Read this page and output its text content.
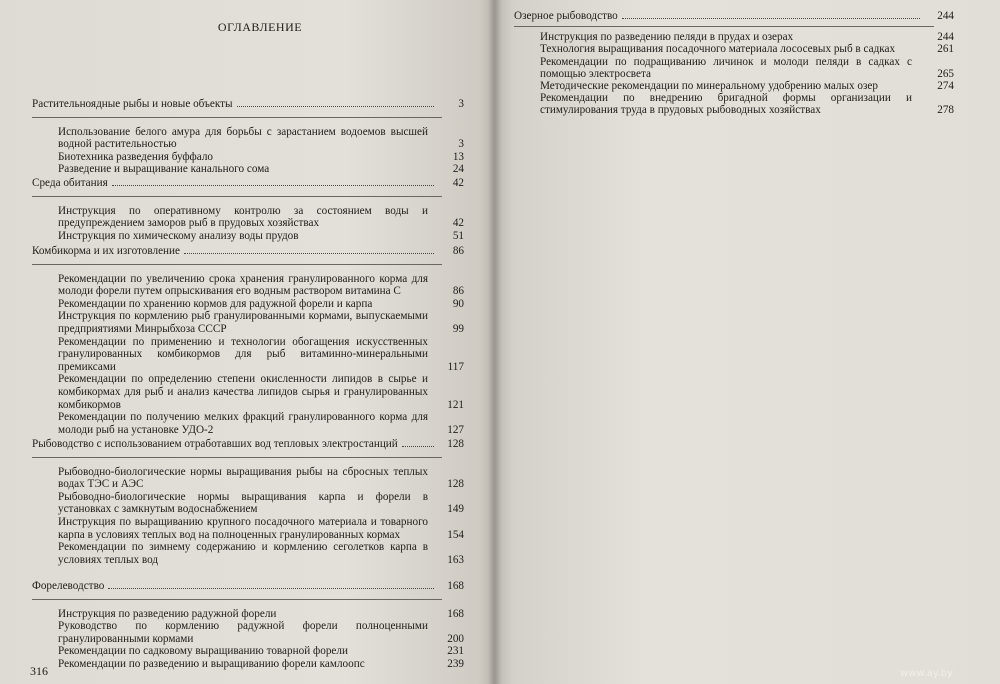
ОГЛАВЛЕНИЕ
Растительноядные рыбы и новые объекты	3
Использование белого амура для борьбы с зарастанием водоемов высшей водной растительностью	3
Биотехника разведения буффало	13
Разведение и выращивание канального сома	24
Среда обитания	42
Инструкция по оперативному контролю за состоянием воды и предупреждением заморов рыб в прудовых хозяйствах	42
Инструкция по химическому анализу воды прудов	51
Комбикорма и их изготовление	86
Рекомендации по увеличению срока хранения гранулированного корма для молоди форели путем опрыскивания его водным раствором витамина С	86
Рекомендации по хранению кормов для радужной форели и карпа	90
Инструкция по кормлению рыб гранулированными кормами, выпускаемыми предприятиями Минрыбхоза СССР	99
Рекомендации по применению и технологии обогащения искусственных гранулированных комбикормов для рыб витаминно-минеральными премиксами	117
Рекомендации по определению степени окисленности липидов в сырье и комбикормах для рыб и анализ качества липидов сырья и гранулированных комбикормов	121
Рекомендации по получению мелких фракций гранулированного корма для молоди рыб на установке УДО-2	127
Рыбоводство с использованием отработавших вод тепловых электростанций	128
Рыбоводно-биологические нормы выращивания рыбы на сбросных теплых водах ТЭС и АЭС	128
Рыбоводно-биологические нормы выращивания карпа и форели в установках с замкнутым водоснабжением	149
Инструкция по выращиванию крупного посадочного материала и товарного карпа в условиях теплых вод на полноценных гранулированных кормах	154
Рекомендации по зимнему содержанию и кормлению сеголетков карпа в условиях теплых вод	163
Форелеводство	168
Инструкция по разведению радужной форели	168
Руководство по кормлению радужной форели полноценными гранулированными кормами	200
Рекомендации по садковому выращиванию товарной форели	231
Рекомендации по разведению и выращиванию форели камлоопс	239
316
Озерное рыбоводство	244
Инструкция по разведению пеляди в прудах и озерах	244
Технология выращивания посадочного материала лососевых рыб в садках	261
Рекомендации по подращиванию личинок и молоди пеляди в садках с помощью электросвета	265
Методические рекомендации по минеральному удобрению малых озер	274
Рекомендации по внедрению бригадной формы организации и стимулирования труда в прудовых рыбоводных хозяйствах	278
www.ay.by
